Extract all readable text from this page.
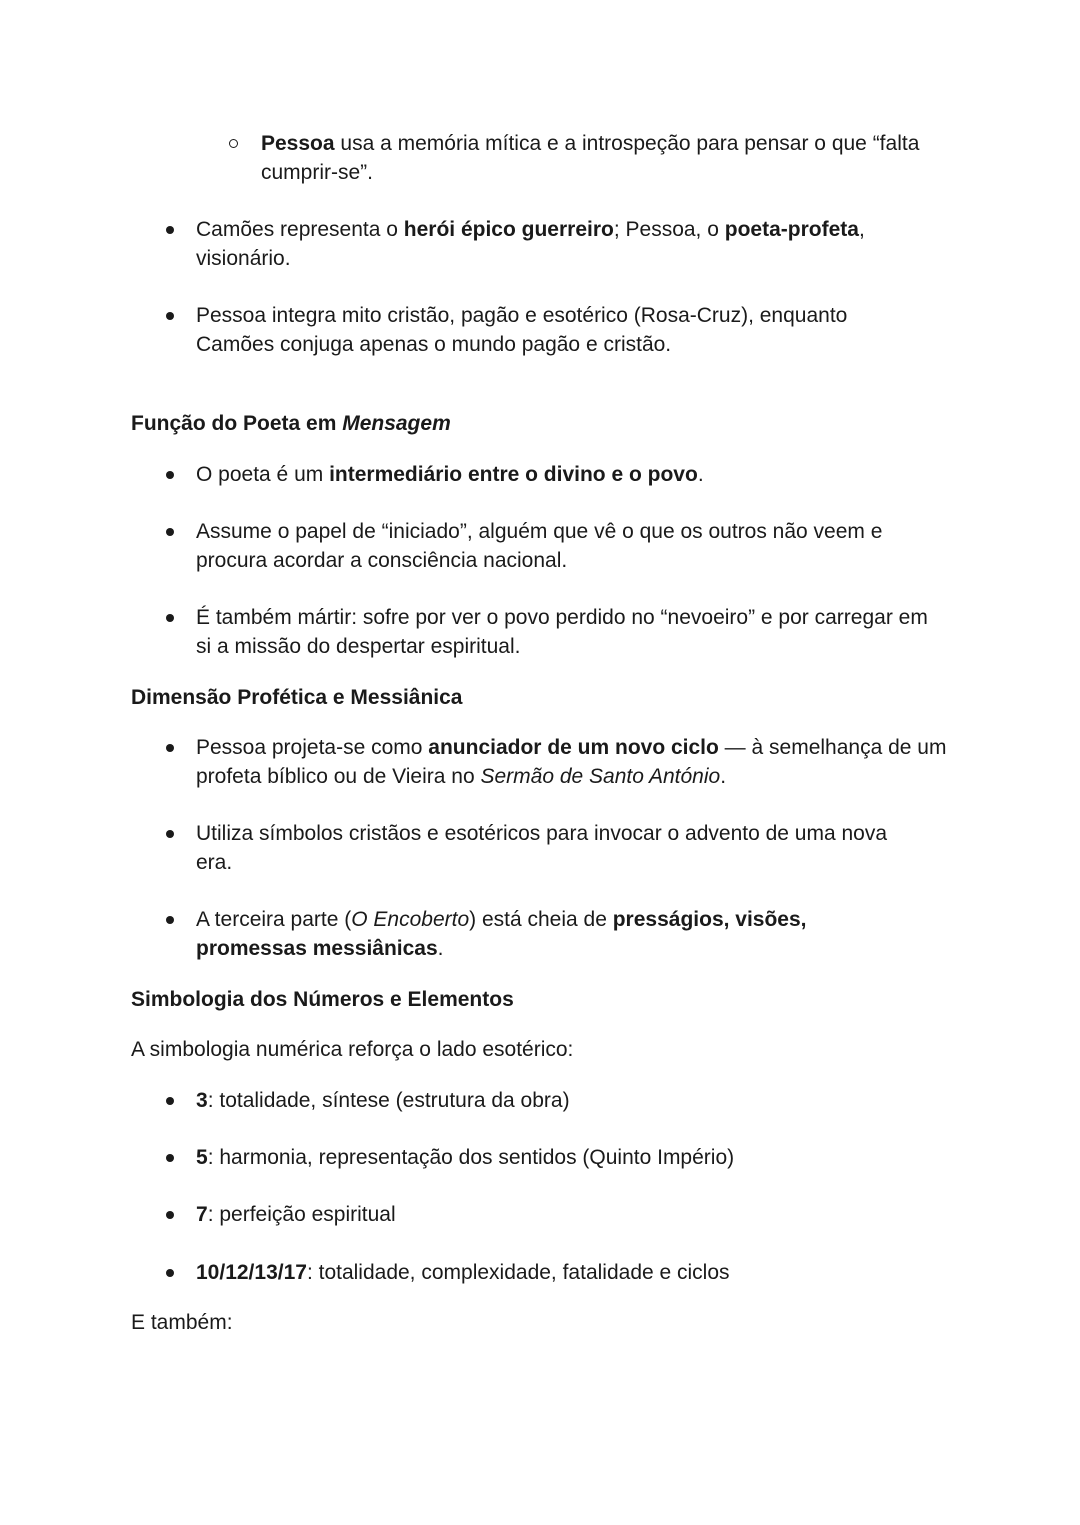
Pessoa usa a memória mítica e a introspeção para pensar o que “falta cumprir-se”.
Camões representa o herói épico guerreiro; Pessoa, o poeta-profeta, visionário.
Pessoa integra mito cristão, pagão e esotérico (Rosa-Cruz), enquanto Camões conjuga apenas o mundo pagão e cristão.
Função do Poeta em Mensagem
O poeta é um intermediário entre o divino e o povo.
Assume o papel de “iniciado”, alguém que vê o que os outros não veem e procura acordar a consciência nacional.
É também mártir: sofre por ver o povo perdido no “nevoeiro” e por carregar em si a missão do despertar espiritual.
Dimensão Profética e Messiânica
Pessoa projeta-se como anunciador de um novo ciclo — à semelhança de um profeta bíblico ou de Vieira no Sermão de Santo António.
Utiliza símbolos cristãos e esotéricos para invocar o advento de uma nova era.
A terceira parte (O Encoberto) está cheia de presságios, visões, promessas messiânicas.
Simbologia dos Números e Elementos
A simbologia numérica reforça o lado esotérico:
3: totalidade, síntese (estrutura da obra)
5: harmonia, representação dos sentidos (Quinto Império)
7: perfeição espiritual
10/12/13/17: totalidade, complexidade, fatalidade e ciclos
E também:
